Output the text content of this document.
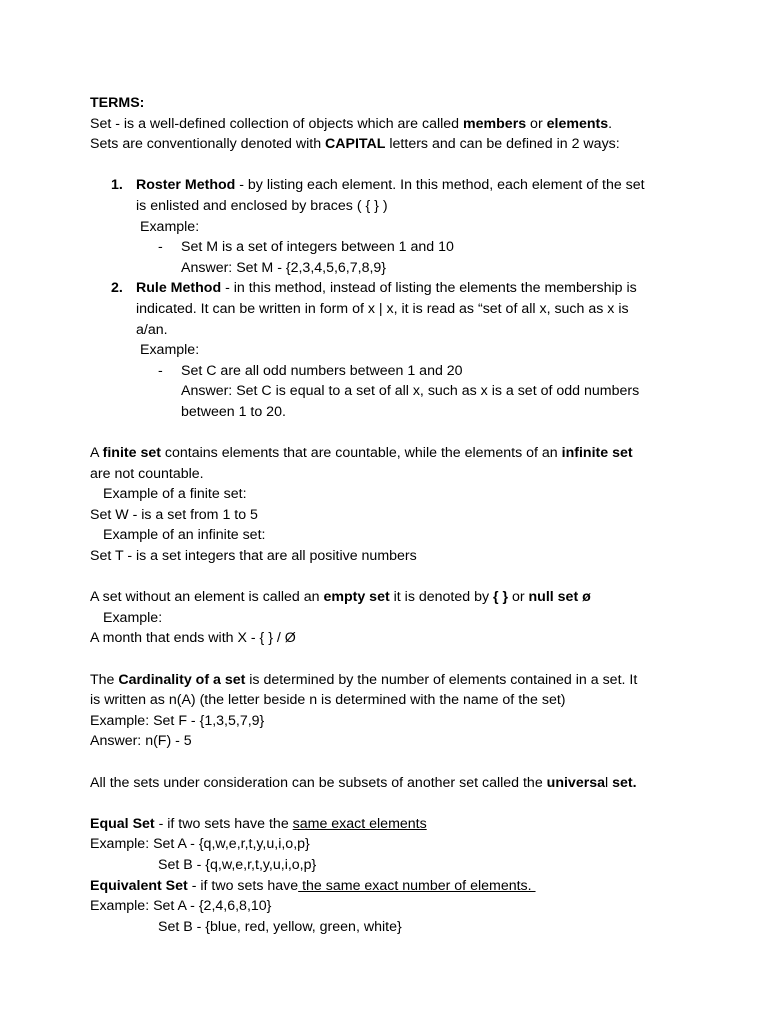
TERMS:
Set - is a well-defined collection of objects which are called members or elements.
Sets are conventionally denoted with CAPITAL letters and can be defined in 2 ways:
1. Roster Method - by listing each element. In this method, each element of the set
is enlisted and enclosed by braces ( { } )
Example:
- Set M is a set of integers between 1 and 10
Answer: Set M - {2,3,4,5,6,7,8,9}
2. Rule Method - in this method, instead of listing the elements the membership is
indicated. It can be written in form of x | x, it is read as “set of all x, such as x is
a/an.
Example:
- Set C are all odd numbers between 1 and 20
Answer: Set C is equal to a set of all x, such as x is a set of odd numbers
between 1 to 20.
A finite set contains elements that are countable, while the elements of an infinite set
are not countable.
Example of a finite set:
Set W - is a set from 1 to 5
Example of an infinite set:
Set T - is a set integers that are all positive numbers
A set without an element is called an empty set it is denoted by { } or null set ø
Example:
A month that ends with X - { } / Ø
The Cardinality of a set is determined by the number of elements contained in a set. It
is written as n(A) (the letter beside n is determined with the name of the set)
Example: Set F - {1,3,5,7,9}
Answer: n(F) - 5
All the sets under consideration can be subsets of another set called the universal set.
Equal Set - if two sets have the same exact elements
Example: Set A - {q,w,e,r,t,y,u,i,o,p}
Set B - {q,w,e,r,t,y,u,i,o,p}
Equivalent Set - if two sets have the same exact number of elements.
Example: Set A - {2,4,6,8,10}
Set B - {blue, red, yellow, green, white}
